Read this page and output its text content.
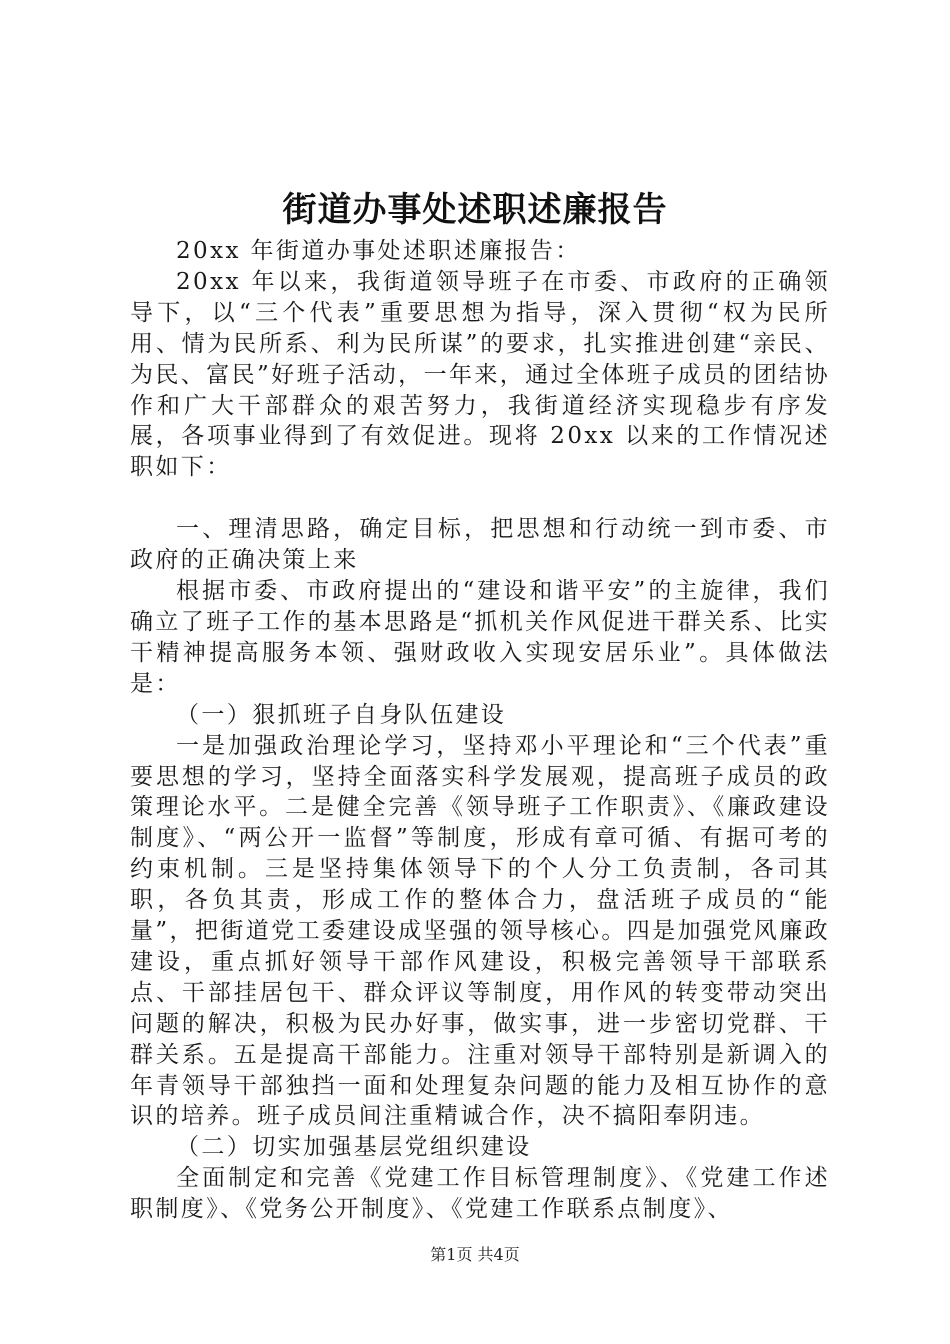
街道办事处述职述廉报告

20xx 年街道办事处述职述廉报告：

20xx 年以来，我街道领导班子在市委、市政府的正确领导下，以“三个代表”重要思想为指导，深入贯彻“权为民所用、情为民所系、利为民所谋”的要求，扎实推进创建“亲民、为民、富民”好班子活动，一年来，通过全体班子成员的团结协作和广大干部群众的艰苦努力，我街道经济实现稳步有序发展，各项事业得到了有效促进。现将 20xx 以来的工作情况述职如下：

一、理清思路，确定目标，把思想和行动统一到市委、市政府的正确决策上来

根据市委、市政府提出的“建设和谐平安”的主旋律，我们确立了班子工作的基本思路是“抓机关作风促进干群关系、比实干精神提高服务本领、强财政收入实现安居乐业”。具体做法是：

（一）狠抓班子自身队伍建设

一是加强政治理论学习，坚持邓小平理论和“三个代表”重要思想的学习，坚持全面落实科学发展观，提高班子成员的政策理论水平。二是健全完善《领导班子工作职责》、《廉政建设制度》、“两公开一监督”等制度，形成有章可循、有据可考的约束机制。三是坚持集体领导下的个人分工负责制，各司其职，各负其责，形成工作的整体合力，盘活班子成员的“能量”，把街道党工委建设成坚强的领导核心。四是加强党风廉政建设，重点抓好领导干部作风建设，积极完善领导干部联系点、干部挂居包干、群众评议等制度，用作风的转变带动突出问题的解决，积极为民办好事，做实事，进一步密切党群、干群关系。五是提高干部能力。注重对领导干部特别是新调入的年青领导干部独挡一面和处理复杂问题的能力及相互协作的意识的培养。班子成员间注重精诚合作，决不搞阳奉阴违。

（二）切实加强基层党组织建设

全面制定和完善《党建工作目标管理制度》、《党建工作述职制度》、《党务公开制度》、《党建工作联系点制度》、

第1页 共4页
